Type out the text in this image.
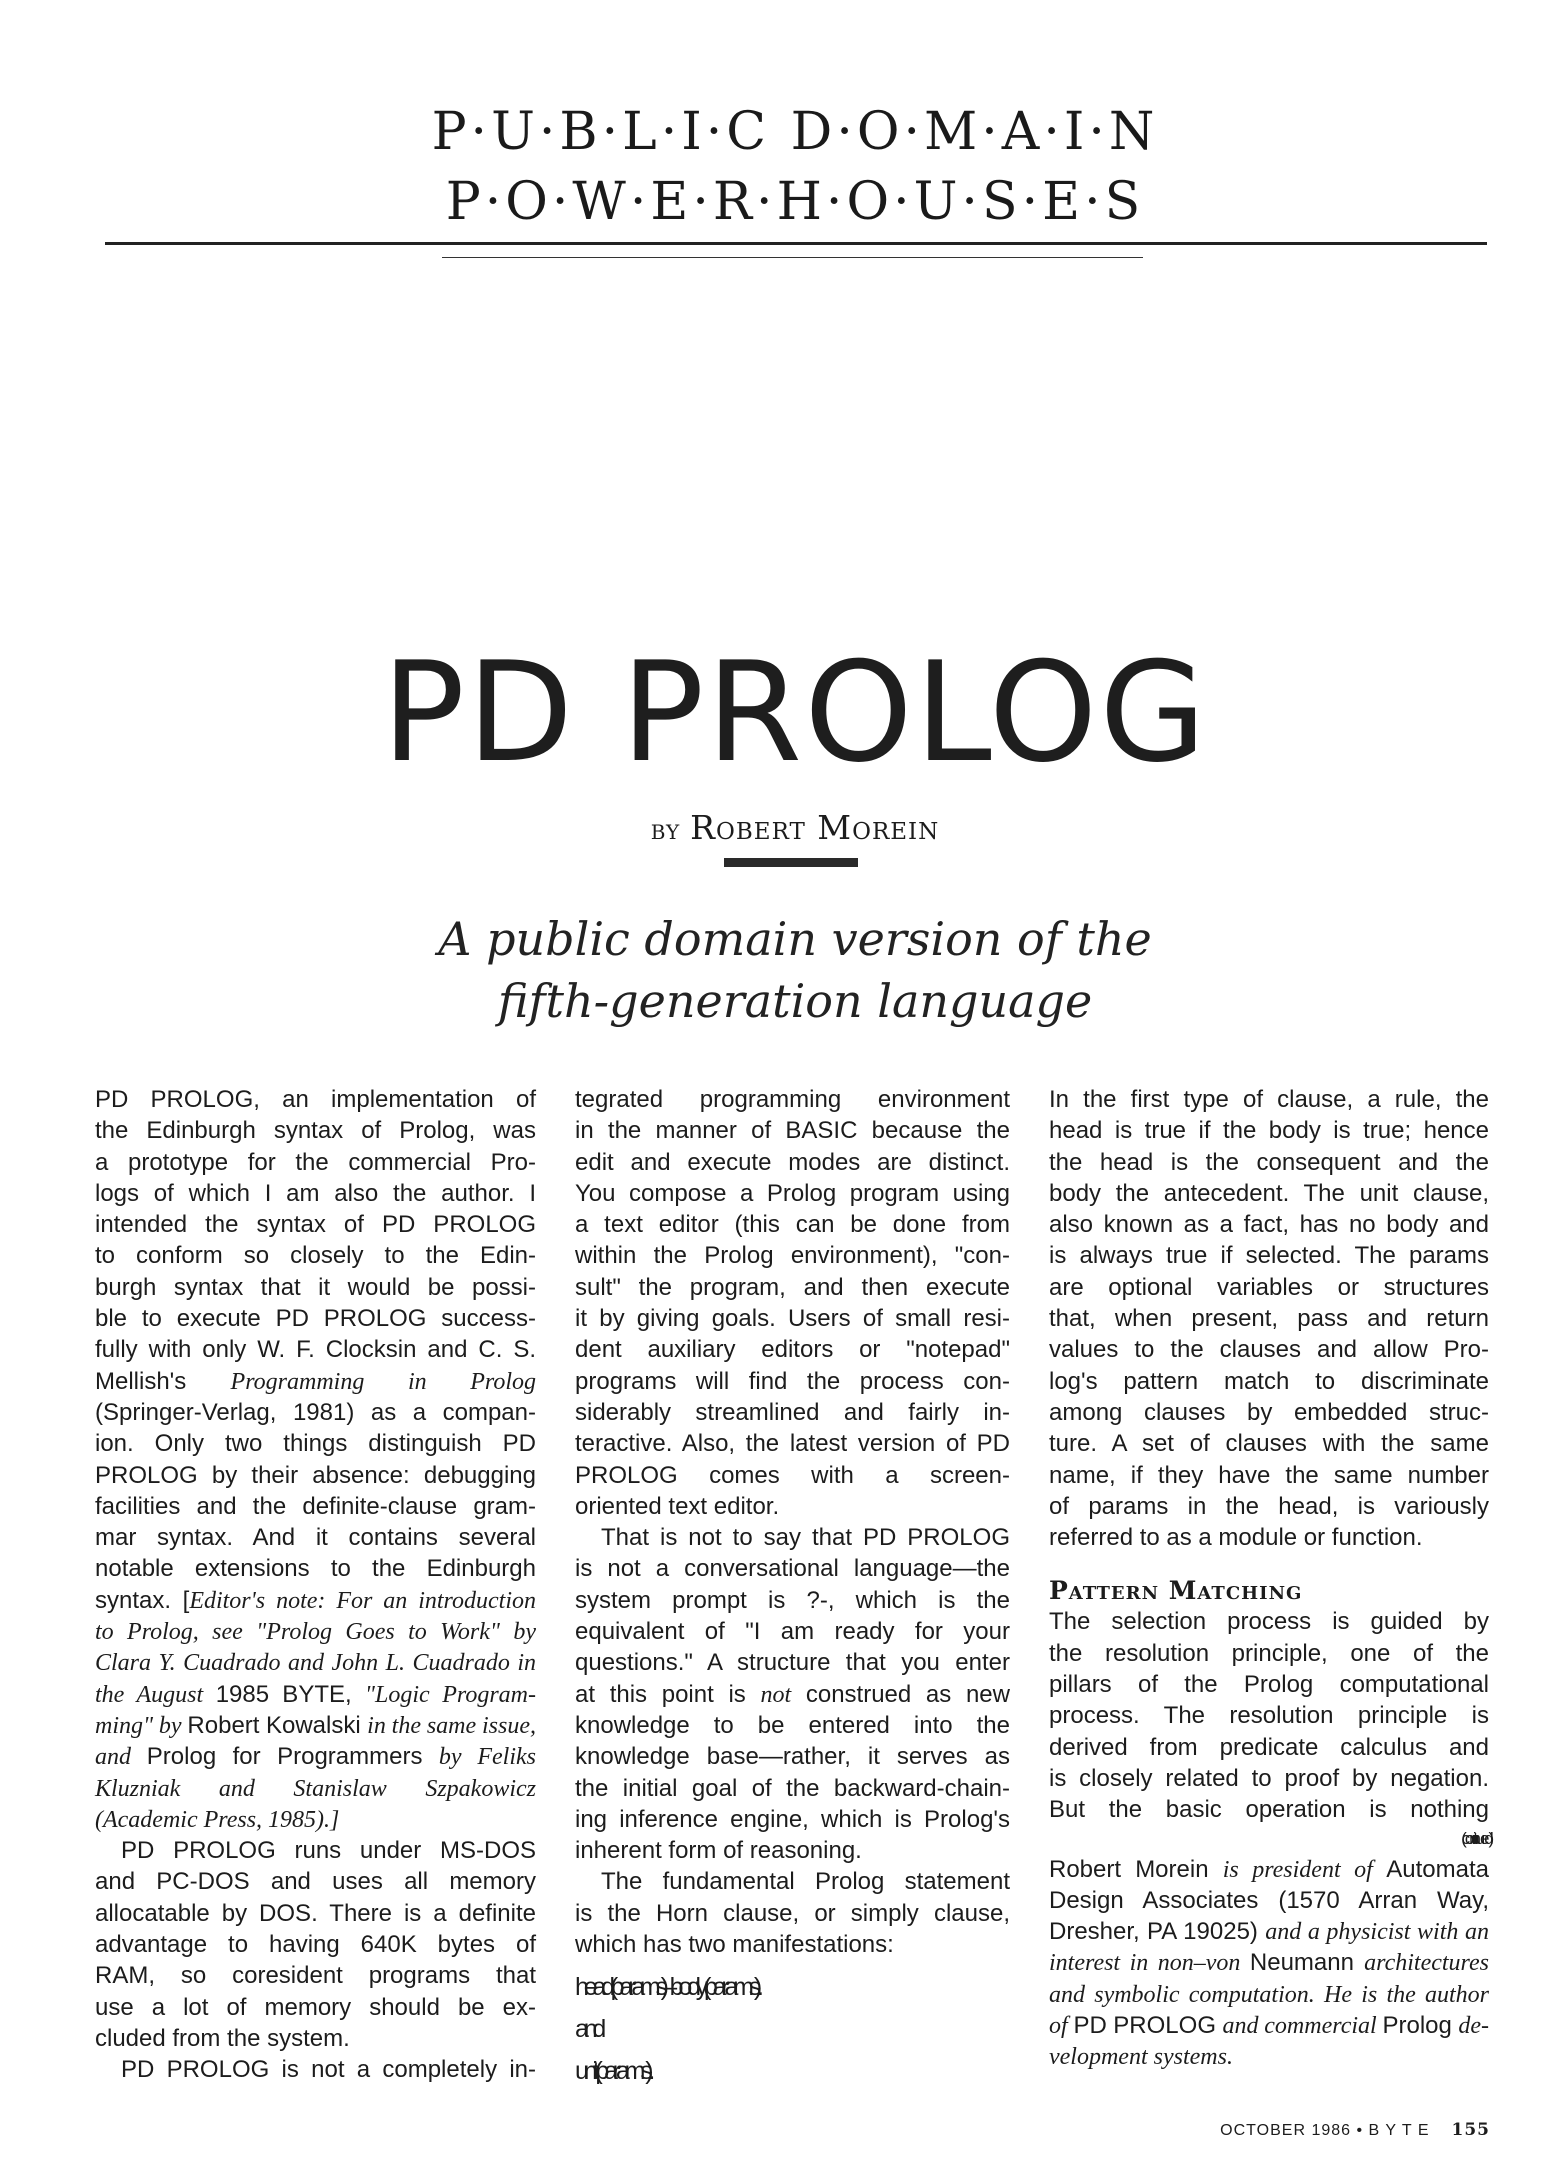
P·U·B·L·I·C D·O·M·A·I·N
P·O·W·E·R·H·O·U·S·E·S
PD PROLOG
by Robert Morein
A public domain version of the
fifth-generation language
PD PROLOG, an implementation of
the Edinburgh syntax of Prolog, was
a prototype for the commercial Pro-
logs of which I am also the author. I
intended the syntax of PD PROLOG
to conform so closely to the Edin-
burgh syntax that it would be possi-
ble to execute PD PROLOG success-
fully with only W. F. Clocksin and C. S.
Mellish's Programming in Prolog
(Springer-Verlag, 1981) as a compan-
ion. Only two things distinguish PD
PROLOG by their absence: debugging
facilities and the definite-clause gram-
mar syntax. And it contains several
notable extensions to the Edinburgh
syntax. [Editor's note: For an introduction
to Prolog, see "Prolog Goes to Work" by
Clara Y. Cuadrado and John L. Cuadrado in
the August 1985 BYTE, "Logic Program-
ming" by Robert Kowalski in the same issue,
and Prolog for Programmers by Feliks
Kluzniak and Stanislaw Szpakowicz
(Academic Press, 1985).]
PD PROLOG runs under MS-DOS
and PC-DOS and uses all memory
allocatable by DOS. There is a definite
advantage to having 640K bytes of
RAM, so coresident programs that
use a lot of memory should be ex-
cluded from the system.
PD PROLOG is not a completely in-
tegrated programming environment
in the manner of BASIC because the
edit and execute modes are distinct.
You compose a Prolog program using
a text editor (this can be done from
within the Prolog environment), "con-
sult" the program, and then execute
it by giving goals. Users of small resi-
dent auxiliary editors or "notepad"
programs will find the process con-
siderably streamlined and fairly in-
teractive. Also, the latest version of PD
PROLOG comes with a screen-
oriented text editor.
That is not to say that PD PROLOG
is not a conversational language—the
system prompt is ?-, which is the
equivalent of "I am ready for your
questions." A structure that you enter
at this point is not construed as new
knowledge to be entered into the
knowledge base—rather, it serves as
the initial goal of the backward-chain-
ing inference engine, which is Prolog's
inherent form of reasoning.
The fundamental Prolog statement
is the Horn clause, or simply clause,
which has two manifestations:
head( params ) :– body( params ).
and
unit( params ).
In the first type of clause, a rule, the
head is true if the body is true; hence
the head is the consequent and the
body the antecedent. The unit clause,
also known as a fact, has no body and
is always true if selected. The params
are optional variables or structures
that, when present, pass and return
values to the clauses and allow Pro-
log's pattern match to discriminate
among clauses by embedded struc-
ture. A set of clauses with the same
name, if they have the same number
of params in the head, is variously
referred to as a module or function.
Pattern Matching
The selection process is guided by
the resolution principle, one of the
pillars of the Prolog computational
process. The resolution principle is
derived from predicate calculus and
is closely related to proof by negation.
But the basic operation is nothing
(continued)
Robert Morein is president of Automata
Design Associates (1570 Arran Way,
Dresher, PA 19025) and a physicist with an
interest in non–von Neumann architectures
and symbolic computation. He is the author
of PD PROLOG and commercial Prolog de-
velopment systems.
OCTOBER 1986 • B Y T E 155
